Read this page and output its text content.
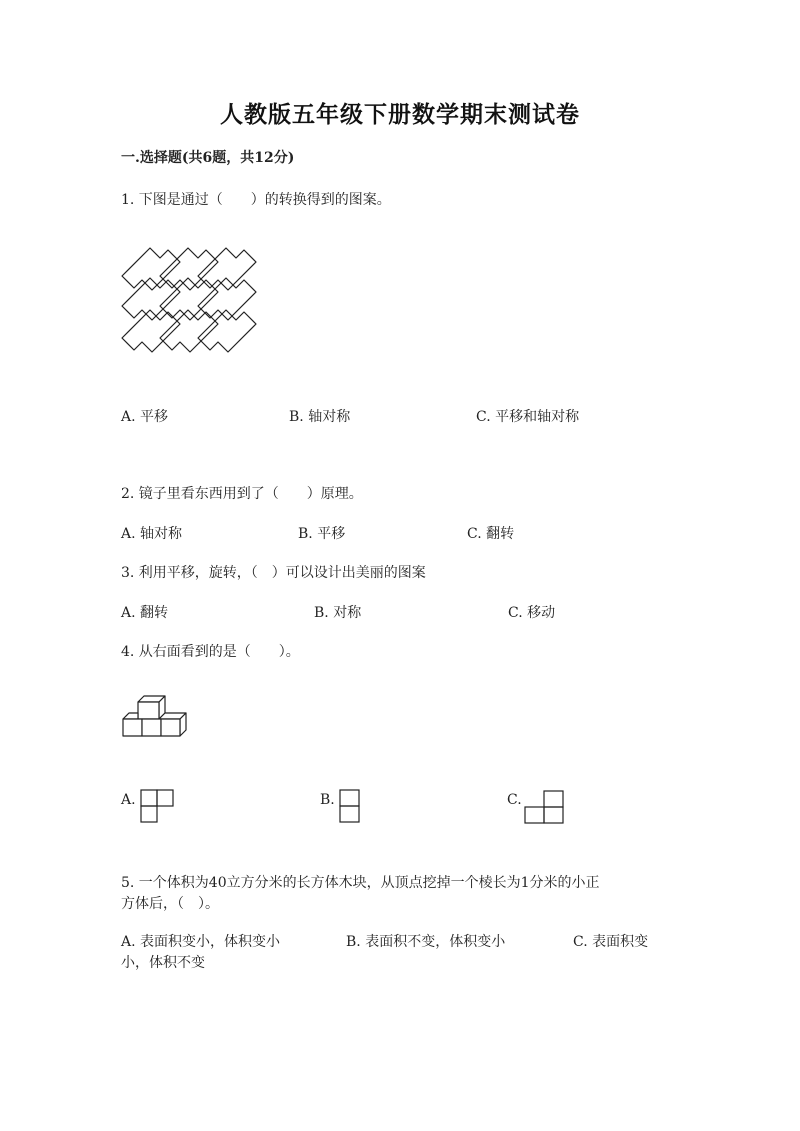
人教版五年级下册数学期末测试卷
一.选择题(共6题，共12分)
1. 下图是通过（　　）的转换得到的图案。
A. 平移	B. 轴对称	C. 平移和轴对称
2. 镜子里看东西用到了（　　）原理。
A. 轴对称	B. 平移	C. 翻转
3. 利用平移，旋转，（　）可以设计出美丽的图案
A. 翻转	B. 对称	C. 移动
4. 从右面看到的是（　　）。
A.	B.	C.
5. 一个体积为40立方分米的长方体木块，从顶点挖掉一个棱长为1分米的小正
方体后，（　）。
A. 表面积变小，体积变小	B. 表面积不变，体积变小	C. 表面积变
小，体积不变
